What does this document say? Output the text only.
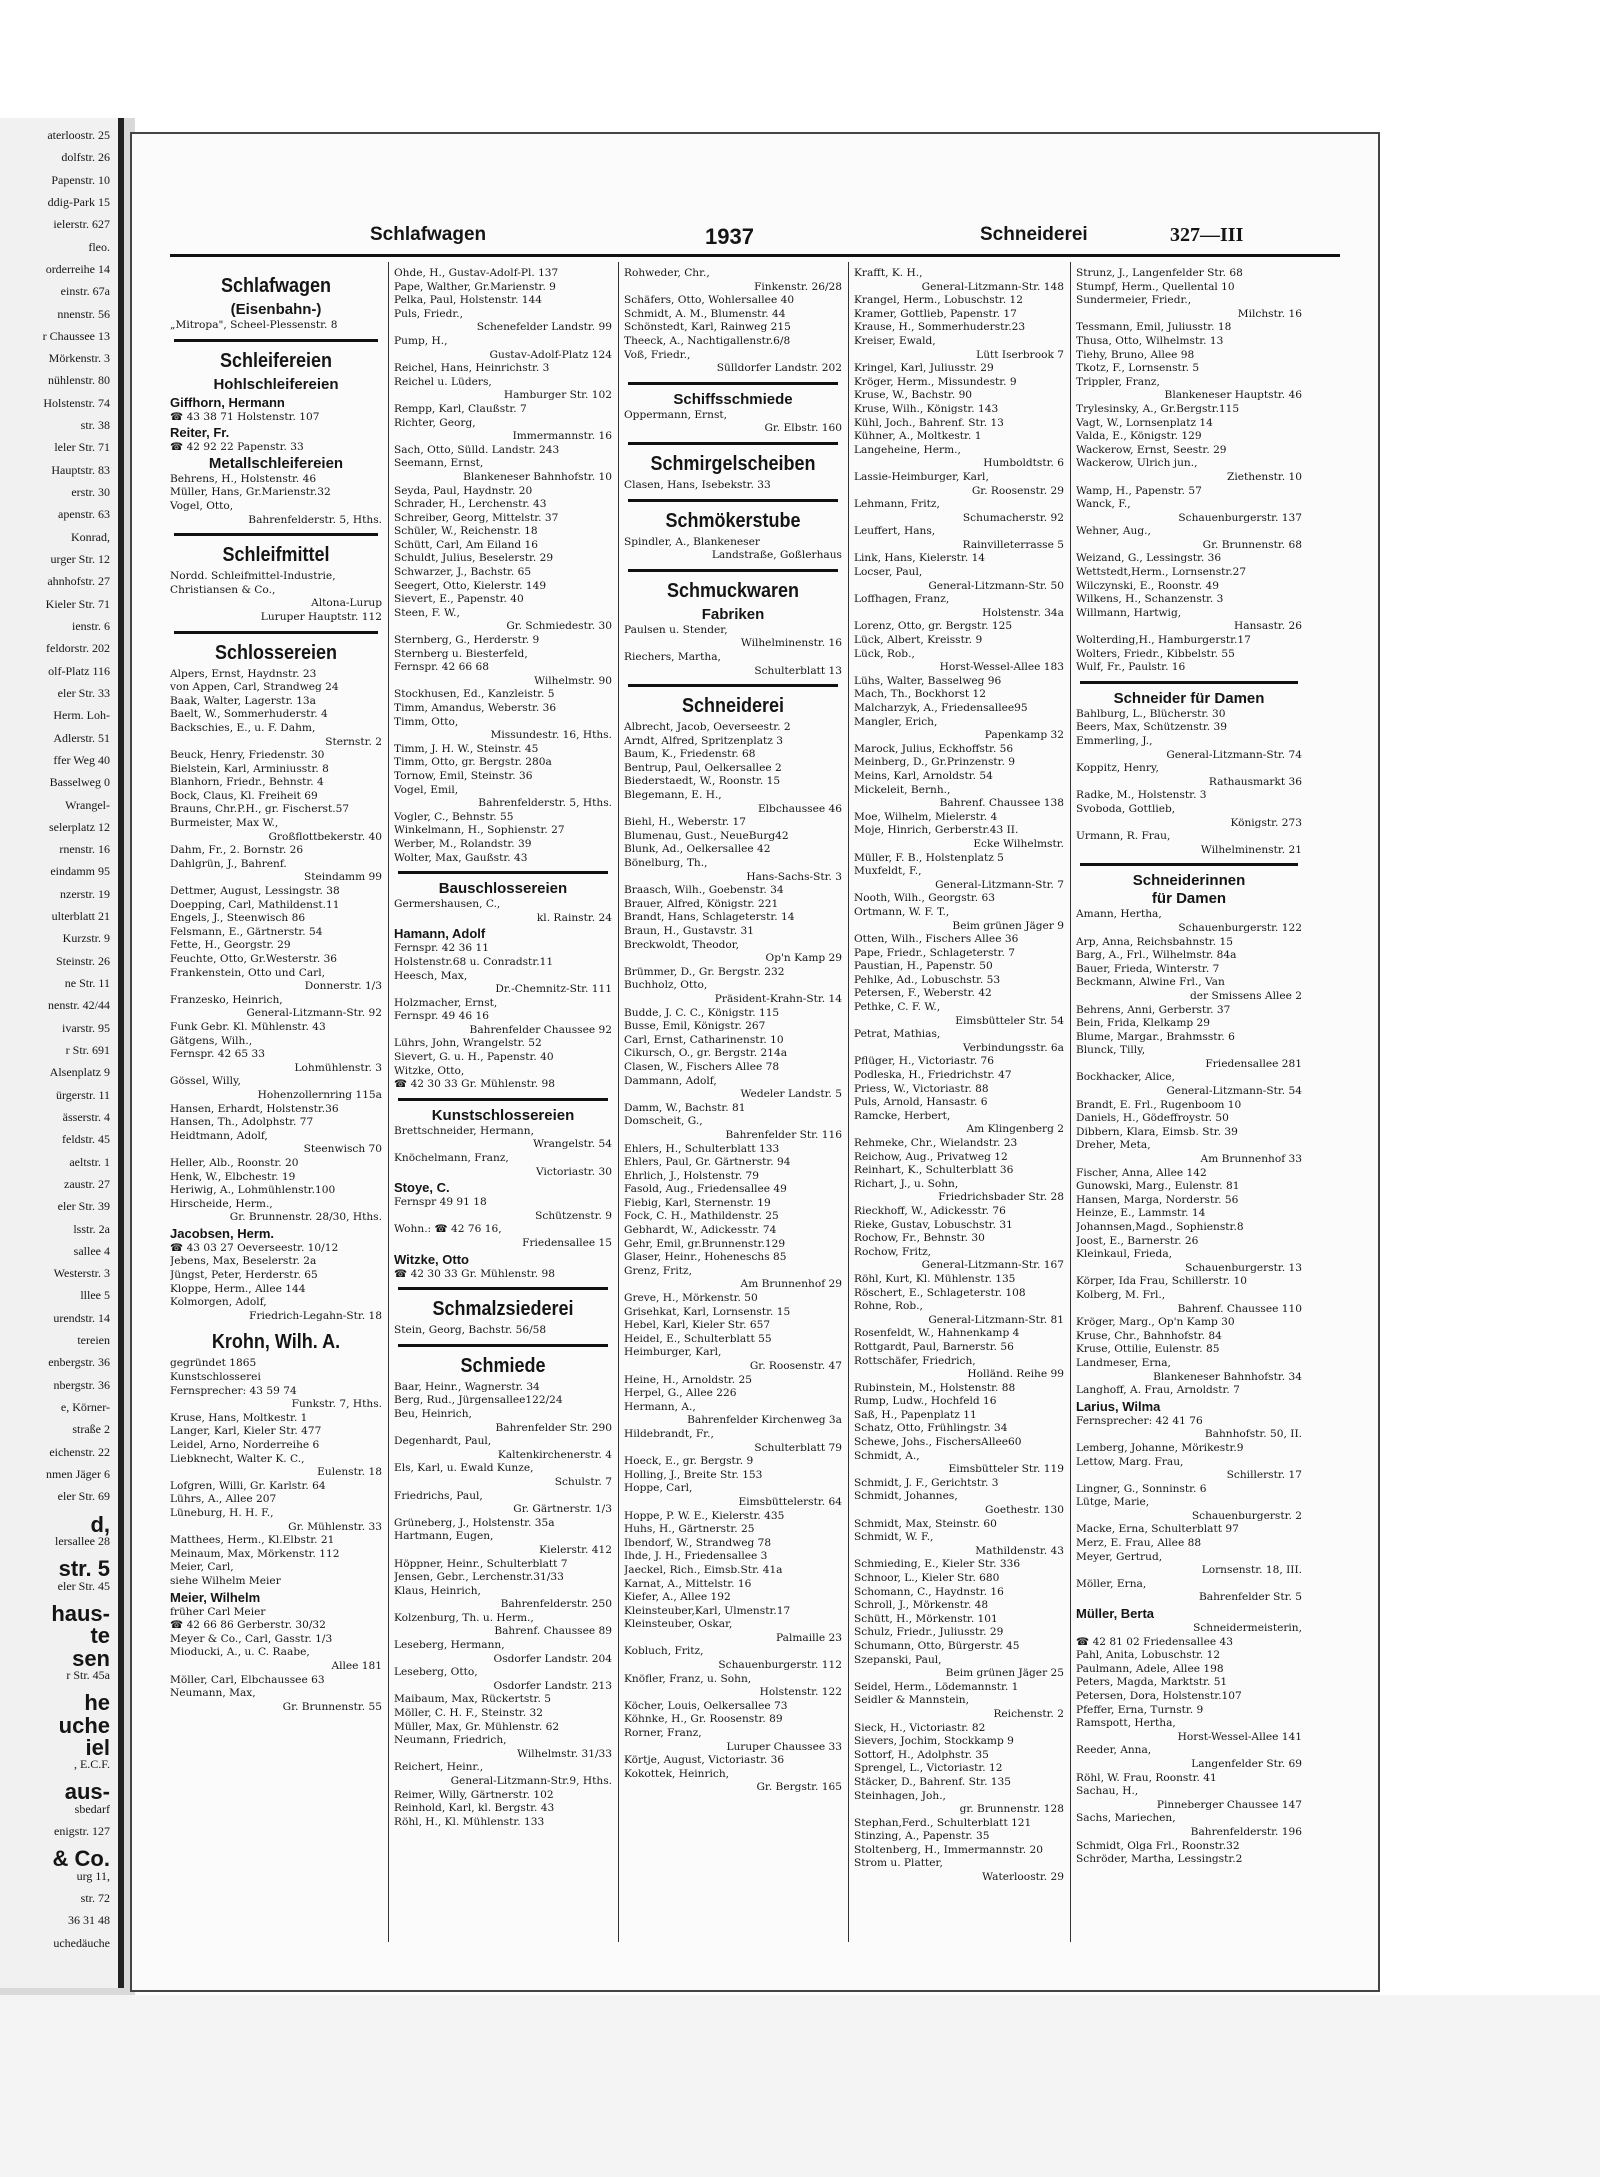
aterloostr. 25
dolfstr. 26
Papenstr. 10
ddig-Park 15
ielerstr. 627
fleo.
orderreihe 14
einstr. 67a
nnenstr. 56
r Chaussee 13
Mörkenstr. 3
nühlenstr. 80
Holstenstr. 74
str. 38
leler Str. 71
Hauptstr. 83
erstr. 30
apenstr. 63
Konrad,
urger Str. 12
ahnhofstr. 27
Kieler Str. 71
ienstr. 6
feldorstr. 202
olf-Platz 116
eler Str. 33
Herm. Loh-
Adlerstr. 51
ffer Weg 40
Basselweg 0
Wrangel-
selerplatz 12
rnenstr. 16
eindamm 95
nzerstr. 19
ulterblatt 21
Kurzstr. 9
Steinstr. 26
ne Str. 11
nenstr. 42/44
ivarstr. 95
r Str. 691
Alsenplatz 9
ürgerstr. 11
ässerstr. 4
feldstr. 45
aeltstr. 1
zaustr. 27
eler Str. 39
lsstr. 2a
sallee 4
Westerstr. 3
lllee 5
urendstr. 14
tereien
enbergstr. 36
nbergstr. 36
e, Körner-
straße 2
eichenstr. 22
nmen Jäger 6
eler Str. 69
d,
lersallee 28
str. 5
eler Str. 45
haus-
te
sen
r Str. 45a
he
uche
iel
, E.C.F.
aus-
sbedarf
enigstr. 127
& Co.
urg 11,
str. 72
36 31 48
uchedäuche
Schlafwagen	1937	Schneiderei	327—III
Schlafwagen
(Eisenbahn-)
„Mitropa", Scheel-Plessenstr. 8
Schleifereien
Hohlschleifereien
Giffhorn, Hermann
☎ 43 38 71 Holstenstr. 107
Reiter, Fr.
☎ 42 92 22 Papenstr. 33
Metallschleifereien
Behrens, H., Holstenstr. 46
Müller, Hans, Gr.Marienstr.32
Vogel, Otto,
Bahrenfelderstr. 5, Hths.
Schleifmittel
Nordd. Schleifmittel-Industrie,
Christiansen & Co.,
Altona-Lurup
Luruper Hauptstr. 112
Schlossereien
Alpers, Ernst, Haydnstr. 23
von Appen, Carl, Strandweg 24
Baak, Walter, Lagerstr. 13a
Baelt, W., Sommerhuderstr. 4
Backschies, E., u. F. Dahm,
Sternstr. 2
Beuck, Henry, Friedenstr. 30
Bielstein, Karl, Arminiusstr. 8
Blanhorn, Friedr., Behnstr. 4
Bock, Claus, Kl. Freiheit 69
Brauns, Chr.P.H., gr. Fischerst.57
Burmeister, Max W.,
Großflottbekerstr. 40
Dahm, Fr., 2. Bornstr. 26
Dahlgrün, J., Bahrenf.
Steindamm 99
Dettmer, August, Lessingstr. 38
Doepping, Carl, Mathildenst.11
Engels, J., Steenwisch 86
Felsmann, E., Gärtnerstr. 54
Fette, H., Georgstr. 29
Feuchte, Otto, Gr.Westerstr. 36
Frankenstein, Otto und Carl,
Donnerstr. 1/3
Franzesko, Heinrich,
General-Litzmann-Str. 92
Funk Gebr. Kl. Mühlenstr. 43
Gätgens, Wilh.,
Fernspr. 42 65 33
Lohmühlenstr. 3
Gössel, Willy,
Hohenzollernring 115a
Hansen, Erhardt, Holstenstr.36
Hansen, Th., Adolphstr. 77
Heidtmann, Adolf,
Steenwisch 70
Heller, Alb., Roonstr. 20
Henk, W., Elbchestr. 19
Heriwig, A., Lohmühlenstr.100
Hirscheide, Herm.,
Gr. Brunnenstr. 28/30, Hths.
Jacobsen, Herm.
☎ 43 03 27 Oeverseestr. 10/12
Jebens, Max, Beselerstr. 2a
Jüngst, Peter, Herderstr. 65
Kloppe, Herm., Allee 144
Kolmorgen, Adolf,
Friedrich-Legahn-Str. 18
Krohn, Wilh. A.
gegründet 1865
Kunstschlosserei
Fernsprecher: 43 59 74
Funkstr. 7, Hths.
Kruse, Hans, Moltkestr. 1
Langer, Karl, Kieler Str. 477
Leidel, Arno, Norderreihe 6
Liebknecht, Walter K. C.,
Eulenstr. 18
Lofgren, Willi, Gr. Karlstr. 64
Lührs, A., Allee 207
Lüneburg, H. H. F.,
Gr. Mühlenstr. 33
Matthees, Herm., Kl.Elbstr. 21
Meinaum, Max, Mörkenstr. 112
Meier, Carl,
siehe Wilhelm Meier
Meier, Wilhelm
früher Carl Meier
☎ 42 66 86 Gerberstr. 30/32
Meyer & Co., Carl, Gasstr. 1/3
Mioducki, A., u. C. Raabe,
Allee 181
Möller, Carl, Elbchaussee 63
Neumann, Max,
Gr. Brunnenstr. 55
Ohde, H., Gustav-Adolf-Pl. 137
Pape, Walther, Gr.Marienstr. 9
Pelka, Paul, Holstenstr. 144
Puls, Friedr.,
Schenefelder Landstr. 99
Pump, H.,
Gustav-Adolf-Platz 124
Reichel, Hans, Heinrichstr. 3
Reichel u. Lüders,
Hamburger Str. 102
Rempp, Karl, Claußstr. 7
Richter, Georg,
Immermannstr. 16
Sach, Otto, Sülld. Landstr. 243
Seemann, Ernst,
Blankeneser Bahnhofstr. 10
Seyda, Paul, Haydnstr. 20
Schrader, H., Lerchenstr. 43
Schreiber, Georg, Mittelstr. 37
Schüler, W., Reichenstr. 18
Schütt, Carl, Am Eiland 16
Schuldt, Julius, Beselerstr. 29
Schwarzer, J., Bachstr. 65
Seegert, Otto, Kielerstr. 149
Sievert, E., Papenstr. 40
Steen, F. W.,
Gr. Schmiedestr. 30
Sternberg, G., Herderstr. 9
Sternberg u. Biesterfeld,
Fernspr. 42 66 68
Wilhelmstr. 90
Stockhusen, Ed., Kanzleistr. 5
Timm, Amandus, Weberstr. 36
Timm, Otto,
Missundestr. 16, Hths.
Timm, J. H. W., Steinstr. 45
Timm, Otto, gr. Bergstr. 280a
Tornow, Emil, Steinstr. 36
Vogel, Emil,
Bahrenfelderstr. 5, Hths.
Vogler, C., Behnstr. 55
Winkelmann, H., Sophienstr. 27
Werber, M., Rolandstr. 39
Wolter, Max, Gaußstr. 43
Bauschlossereien
Germershausen, C.,
kl. Rainstr. 24
Hamann, Adolf
Fernspr. 42 36 11
Holstenstr.68 u. Conradstr.11
Heesch, Max,
Dr.-Chemnitz-Str. 111
Holzmacher, Ernst,
Fernspr. 49 46 16
Bahrenfelder Chaussee 92
Lührs, John, Wrangelstr. 52
Sievert, G. u. H., Papenstr. 40
Witzke, Otto,
☎ 42 30 33 Gr. Mühlenstr. 98
Kunstschlossereien
Brettschneider, Hermann,
Wrangelstr. 54
Knöchelmann, Franz,
Victoriastr. 30
Stoye, C.
Fernspr 49 91 18
Schützenstr. 9
Wohn.: ☎ 42 76 16,
Friedensallee 15
Witzke, Otto
☎ 42 30 33 Gr. Mühlenstr. 98
Schmalzsiederei
Stein, Georg, Bachstr. 56/58
Schmiede
Baar, Heinr., Wagnerstr. 34
Berg, Rud., Jürgensallee122/24
Beu, Heinrich,
Bahrenfelder Str. 290
Degenhardt, Paul,
Kaltenkirchenerstr. 4
Els, Karl, u. Ewald Kunze,
Schulstr. 7
Friedrichs, Paul,
Gr. Gärtnerstr. 1/3
Grüneberg, J., Holstenstr. 35a
Hartmann, Eugen,
Kielerstr. 412
Höppner, Heinr., Schulterblatt 7
Jensen, Gebr., Lerchenstr.31/33
Klaus, Heinrich,
Bahrenfelderstr. 250
Kolzenburg, Th. u. Herm.,
Bahrenf. Chaussee 89
Leseberg, Hermann,
Osdorfer Landstr. 204
Leseberg, Otto,
Osdorfer Landstr. 213
Maibaum, Max, Rückertstr. 5
Möller, C. H. F., Steinstr. 32
Müller, Max, Gr. Mühlenstr. 62
Neumann, Friedrich,
Wilhelmstr. 31/33
Reichert, Heinr.,
General-Litzmann-Str.9, Hths.
Reimer, Willy, Gärtnerstr. 102
Reinhold, Karl, kl. Bergstr. 43
Röhl, H., Kl. Mühlenstr. 133
Rohweder, Chr.,
Finkenstr. 26/28
Schäfers, Otto, Wohlersallee 40
Schmidt, A. M., Blumenstr. 44
Schönstedt, Karl, Rainweg 215
Theeck, A., Nachtigallenstr.6/8
Voß, Friedr.,
Sülldorfer Landstr. 202
Schiffsschmiede
Oppermann, Ernst,
Gr. Elbstr. 160
Schmirgelscheiben
Clasen, Hans, Isebekstr. 33
Schmökerstube
Spindler, A., Blankeneser
Landstraße, Goßlerhaus
Schmuckwaren
Fabriken
Paulsen u. Stender,
Wilhelminenstr. 16
Riechers, Martha,
Schulterblatt 13
Schneiderei
Albrecht, Jacob, Oeverseestr. 2
Arndt, Alfred, Spritzenplatz 3
Baum, K., Friedenstr. 68
Bentrup, Paul, Oelkersallee 2
Biederstaedt, W., Roonstr. 15
Blegemann, E. H.,
Elbchaussee 46
Biehl, H., Weberstr. 17
Blumenau, Gust., NeueBurg42
Blunk, Ad., Oelkersallee 42
Bönelburg, Th.,
Hans-Sachs-Str. 3
Braasch, Wilh., Goebenstr. 34
Brauer, Alfred, Königstr. 221
Brandt, Hans, Schlageterstr. 14
Braun, H., Gustavstr. 31
Breckwoldt, Theodor,
Op'n Kamp 29
Brümmer, D., Gr. Bergstr. 232
Buchholz, Otto,
Präsident-Krahn-Str. 14
Budde, J. C. C., Königstr. 115
Busse, Emil, Königstr. 267
Carl, Ernst, Catharinenstr. 10
Cikursch, O., gr. Bergstr. 214a
Clasen, W., Fischers Allee 78
Dammann, Adolf,
Wedeler Landstr. 5
Damm, W., Bachstr. 81
Domscheit, G.,
Bahrenfelder Str. 116
Ehlers, H., Schulterblatt 133
Ehlers, Paul, Gr. Gärtnerstr. 94
Ehrlich, J., Holstenstr. 79
Fasold, Aug., Friedensallee 49
Fiebig, Karl, Sternenstr. 19
Fock, C. H., Mathildenstr. 25
Gebhardt, W., Adickesstr. 74
Gehr, Emil, gr.Brunnenstr.129
Glaser, Heinr., Hoheneschs 85
Grenz, Fritz,
Am Brunnenhof 29
Greve, H., Mörkenstr. 50
Grisehkat, Karl, Lornsenstr. 15
Hebel, Karl, Kieler Str. 657
Heidel, E., Schulterblatt 55
Heimburger, Karl,
Gr. Roosenstr. 47
Heine, H., Arnoldstr. 25
Herpel, G., Allee 226
Hermann, A.,
Bahrenfelder Kirchenweg 3a
Hildebrandt, Fr.,
Schulterblatt 79
Hoeck, E., gr. Bergstr. 9
Holling, J., Breite Str. 153
Hoppe, Carl,
Eimsbüttelerstr. 64
Hoppe, P. W. E., Kielerstr. 435
Huhs, H., Gärtnerstr. 25
Ibendorf, W., Strandweg 78
Ihde, J. H., Friedensallee 3
Jaeckel, Rich., Eimsb.Str. 41a
Karnat, A., Mittelstr. 16
Kiefer, A., Allee 192
Kleinsteuber,Karl, Ulmenstr.17
Kleinsteuber, Oskar,
Palmaille 23
Kobluch, Fritz,
Schauenburgerstr. 112
Knöfler, Franz, u. Sohn,
Holstenstr. 122
Köcher, Louis, Oelkersallee 73
Köhnke, H., Gr. Roosenstr. 89
Rorner, Franz,
Luruper Chaussee 33
Körtje, August, Victoriastr. 36
Kokottek, Heinrich,
Gr. Bergstr. 165
Krafft, K. H.,
General-Litzmann-Str. 148
Krangel, Herm., Lobuschstr. 12
Kramer, Gottlieb, Papenstr. 17
Krause, H., Sommerhuderstr.23
Kreiser, Ewald,
Lütt Iserbrook 7
Kringel, Karl, Juliusstr. 29
Kröger, Herm., Missundestr. 9
Kruse, W., Bachstr. 90
Kruse, Wilh., Königstr. 143
Kühl, Joch., Bahrenf. Str. 13
Kühner, A., Moltkestr. 1
Langeheine, Herm.,
Humboldtstr. 6
Lassie-Heimburger, Karl,
Gr. Roosenstr. 29
Lehmann, Fritz,
Schumacherstr. 92
Leuffert, Hans,
Rainvilleterrasse 5
Link, Hans, Kielerstr. 14
Locser, Paul,
General-Litzmann-Str. 50
Loffhagen, Franz,
Holstenstr. 34a
Lorenz, Otto, gr. Bergstr. 125
Lück, Albert, Kreisstr. 9
Lück, Rob.,
Horst-Wessel-Allee 183
Lühs, Walter, Basselweg 96
Mach, Th., Bockhorst 12
Malcharzyk, A., Friedensallee95
Mangler, Erich,
Papenkamp 32
Marock, Julius, Eckhoffstr. 56
Meinberg, D., Gr.Prinzenstr. 9
Meins, Karl, Arnoldstr. 54
Mickeleit, Bernh.,
Bahrenf. Chaussee 138
Moe, Wilhelm, Mielerstr. 4
Moje, Hinrich, Gerberstr.43 II.
Ecke Wilhelmstr.
Müller, F. B., Holstenplatz 5
Muxfeldt, F.,
General-Litzmann-Str. 7
Nooth, Wilh., Georgstr. 63
Ortmann, W. F. T.,
Beim grünen Jäger 9
Otten, Wilh., Fischers Allee 36
Pape, Friedr., Schlageterstr. 7
Paustian, H., Papenstr. 50
Pehlke, Ad., Lobuschstr. 53
Petersen, F., Weberstr. 42
Pethke, C. F. W.,
Eimsbütteler Str. 54
Petrat, Mathias,
Verbindungsstr. 6a
Pflüger, H., Victoriastr. 76
Podleska, H., Friedrichstr. 47
Priess, W., Victoriastr. 88
Puls, Arnold, Hansastr. 6
Ramcke, Herbert,
Am Klingenberg 2
Rehmeke, Chr., Wielandstr. 23
Reichow, Aug., Privatweg 12
Reinhart, K., Schulterblatt 36
Richart, J., u. Sohn,
Friedrichsbader Str. 28
Rieckhoff, W., Adickesstr. 76
Rieke, Gustav, Lobuschstr. 31
Rochow, Fr., Behnstr. 30
Rochow, Fritz,
General-Litzmann-Str. 167
Röhl, Kurt, Kl. Mühlenstr. 135
Röschert, E., Schlageterstr. 108
Rohne, Rob.,
General-Litzmann-Str. 81
Rosenfeldt, W., Hahnenkamp 4
Rottgardt, Paul, Barnerstr. 56
Rottschäfer, Friedrich,
Holländ. Reihe 99
Rubinstein, M., Holstenstr. 88
Rump, Ludw., Hochfeld 16
Saß, H., Papenplatz 11
Schatz, Otto, Frühlingstr. 34
Schewe, Johs., FischersAllee60
Schmidt, A.,
Eimsbütteler Str. 119
Schmidt, J. F., Gerichtstr. 3
Schmidt, Johannes,
Goethestr. 130
Schmidt, Max, Steinstr. 60
Schmidt, W. F.,
Mathildenstr. 43
Schmieding, E., Kieler Str. 336
Schnoor, L., Kieler Str. 680
Schomann, C., Haydnstr. 16
Schroll, J., Mörkenstr. 48
Schütt, H., Mörkenstr. 101
Schulz, Friedr., Juliusstr. 29
Schumann, Otto, Bürgerstr. 45
Szepanski, Paul,
Beim grünen Jäger 25
Seidel, Herm., Lödemannstr. 1
Seidler & Mannstein,
Reichenstr. 2
Sieck, H., Victoriastr. 82
Sievers, Jochim, Stockkamp 9
Sottorf, H., Adolphstr. 35
Sprengel, L., Victoriastr. 12
Stäcker, D., Bahrenf. Str. 135
Steinhagen, Joh.,
gr. Brunnenstr. 128
Stephan,Ferd., Schulterblatt 121
Stinzing, A., Papenstr. 35
Stoltenberg, H., Immermannstr. 20
Strom u. Platter,
Waterloostr. 29
Strunz, J., Langenfelder Str. 68
Stumpf, Herm., Quellental 10
Sundermeier, Friedr.,
Milchstr. 16
Tessmann, Emil, Juliusstr. 18
Thusa, Otto, Wilhelmstr. 13
Tiehy, Bruno, Allee 98
Tkotz, F., Lornsenstr. 5
Trippler, Franz,
Blankeneser Hauptstr. 46
Trylesinsky, A., Gr.Bergstr.115
Vagt, W., Lornsenplatz 14
Valda, E., Königstr. 129
Wackerow, Ernst, Seestr. 29
Wackerow, Ulrich jun.,
Ziethenstr. 10
Wamp, H., Papenstr. 57
Wanck, F.,
Schauenburgerstr. 137
Wehner, Aug.,
Gr. Brunnenstr. 68
Weizand, G., Lessingstr. 36
Wettstedt,Herm., Lornsenstr.27
Wilczynski, E., Roonstr. 49
Wilkens, H., Schanzenstr. 3
Willmann, Hartwig,
Hansastr. 26
Wolterding,H., Hamburgerstr.17
Wolters, Friedr., Kibbelstr. 55
Wulf, Fr., Paulstr. 16
Schneider für Damen
Bahlburg, L., Blücherstr. 30
Beers, Max, Schützenstr. 39
Emmerling, J.,
General-Litzmann-Str. 74
Koppitz, Henry,
Rathausmarkt 36
Radke, M., Holstenstr. 3
Svoboda, Gottlieb,
Königstr. 273
Urmann, R. Frau,
Wilhelminenstr. 21
Schneiderinnen
für Damen
Amann, Hertha,
Schauenburgerstr. 122
Arp, Anna, Reichsbahnstr. 15
Barg, A., Frl., Wilhelmstr. 84a
Bauer, Frieda, Winterstr. 7
Beckmann, Alwine Frl., Van
der Smissens Allee 2
Behrens, Anni, Gerberstr. 37
Bein, Frida, Klelkamp 29
Blume, Margar., Brahmsstr. 6
Blunck, Tilly,
Friedensallee 281
Bockhacker, Alice,
General-Litzmann-Str. 54
Brandt, E. Frl., Rugenboom 10
Daniels, H., Gödeffroystr. 50
Dibbern, Klara, Eimsb. Str. 39
Dreher, Meta,
Am Brunnenhof 33
Fischer, Anna, Allee 142
Gunowski, Marg., Eulenstr. 81
Hansen, Marga, Norderstr. 56
Heinze, E., Lammstr. 14
Johannsen,Magd., Sophienstr.8
Joost, E., Barnerstr. 26
Kleinkaul, Frieda,
Schauenburgerstr. 13
Körper, Ida Frau, Schillerstr. 10
Kolberg, M. Frl.,
Bahrenf. Chaussee 110
Kröger, Marg., Op'n Kamp 30
Kruse, Chr., Bahnhofstr. 84
Kruse, Ottilie, Eulenstr. 85
Landmeser, Erna,
Blankeneser Bahnhofstr. 34
Langhoff, A. Frau, Arnoldstr. 7
Larius, Wilma
Fernsprecher: 42 41 76
Bahnhofstr. 50, II.
Lemberg, Johanne, Mörikestr.9
Lettow, Marg. Frau,
Schillerstr. 17
Lingner, G., Sonninstr. 6
Lütge, Marie,
Schauenburgerstr. 2
Macke, Erna, Schulterblatt 97
Merz, E. Frau, Allee 88
Meyer, Gertrud,
Lornsenstr. 18, III.
Möller, Erna,
Bahrenfelder Str. 5
Müller, Berta
Schneidermeisterin,
☎ 42 81 02 Friedensallee 43
Pahl, Anita, Lobuschstr. 12
Paulmann, Adele, Allee 198
Peters, Magda, Marktstr. 51
Petersen, Dora, Holstenstr.107
Pfeffer, Erna, Turnstr. 9
Ramspott, Hertha,
Horst-Wessel-Allee 141
Reeder, Anna,
Langenfelder Str. 69
Röhl, W. Frau, Roonstr. 41
Sachau, H.,
Pinneberger Chaussee 147
Sachs, Mariechen,
Bahrenfelderstr. 196
Schmidt, Olga Frl., Roonstr.32
Schröder, Martha, Lessingstr.2
